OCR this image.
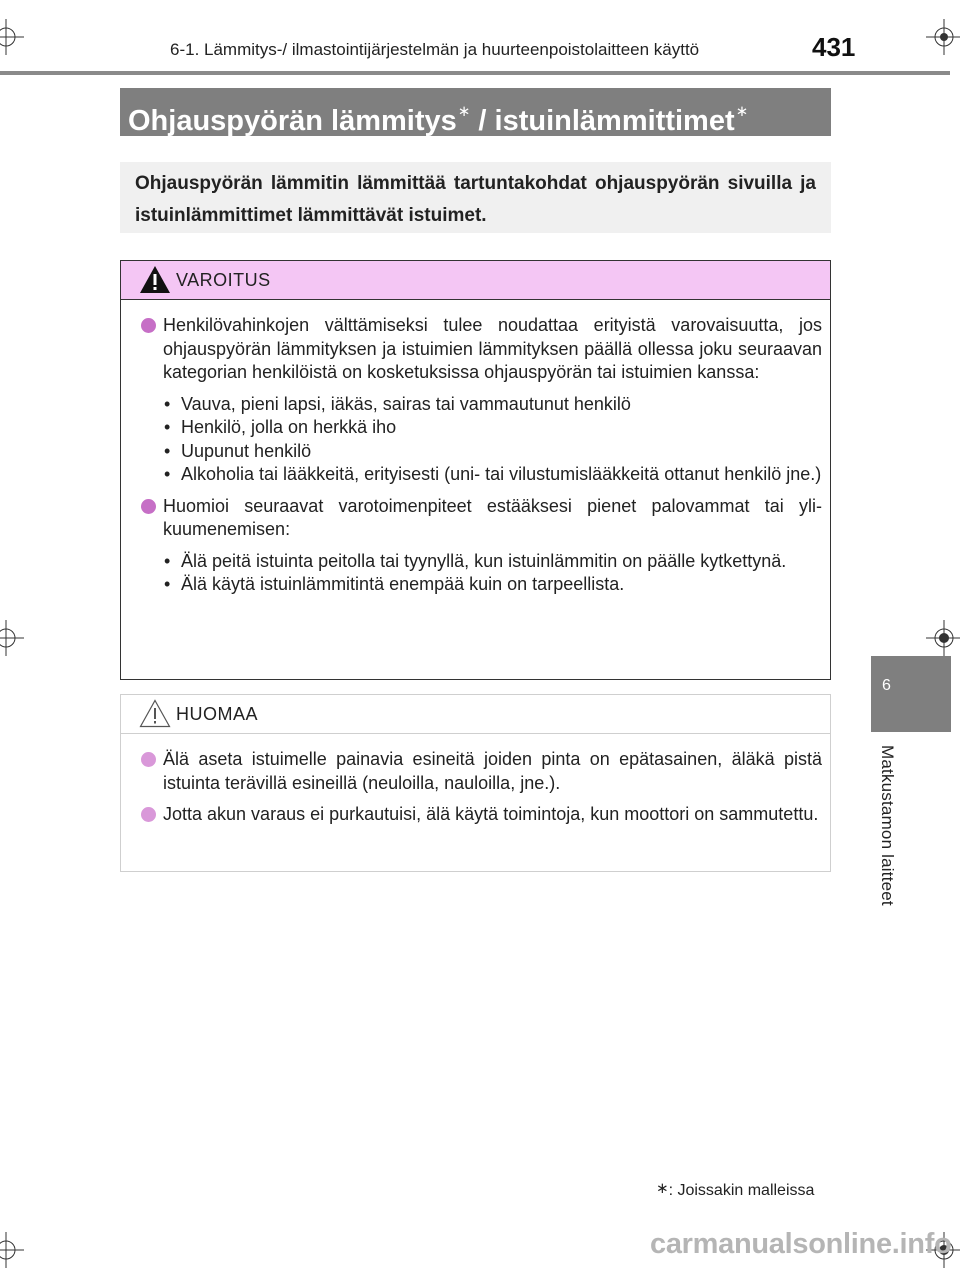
6-1. Lämmitys-/ ilmastointijärjestelmän ja huurteenpoistolaitteen käyttö	431
Ohjauspyörän lämmitys∗ / istuinlämmittimet∗
Ohjauspyörän lämmitin lämmittää tartuntakohdat ohjauspyörän sivuilla ja istuinlämmittimet lämmittävät istuimet.
VAROITUS
Henkilövahinkojen välttämiseksi tulee noudattaa erityistä varovaisuutta, jos ohjauspyörän lämmityksen ja istuimien lämmityksen päällä ollessa joku seuraavan kategorian henkilöistä on kosketuksissa ohjauspyörän tai istuimien kanssa:
• Vauva, pieni lapsi, iäkäs, sairas tai vammautunut henkilö
• Henkilö, jolla on herkkä iho
• Uupunut henkilö
• Alkoholia tai lääkkeitä, erityisesti (uni- tai vilustumislääkkeitä ottanut henkilö jne.)
Huomioi seuraavat varotoimenpiteet estääksesi pienet palovammat tai ylikuumenemisen:
• Älä peitä istuinta peitolla tai tyynyllä, kun istuinlämmitin on päälle kytkettynä.
• Älä käytä istuinlämmitintä enempää kuin on tarpeellista.
HUOMAA
Älä aseta istuimelle painavia esineitä joiden pinta on epätasainen, äläkä pistä istuinta terävillä esineillä (neuloilla, nauloilla, jne.).
Jotta akun varaus ei purkautuisi, älä käytä toimintoja, kun moottori on sammutettu.
6
Matkustamon laitteet
∗: Joissakin malleissa
carmanualsonline.info
